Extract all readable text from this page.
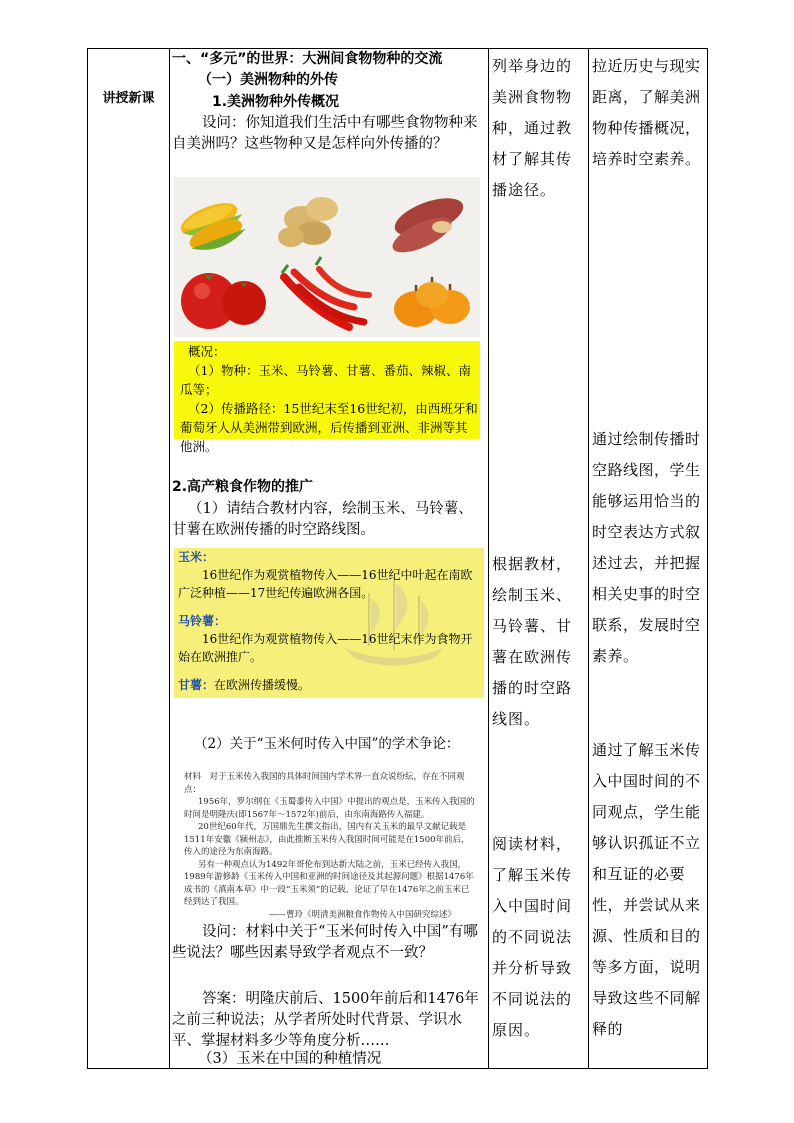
讲授新课
一、“多元”的世界：大洲间食物物种的交流
（一）美洲物种的外传
1.美洲物种外传概况
设问：你知道我们生活中有哪些食物物种来自美洲吗？这些物种又是怎样向外传播的？
概况：
（1）物种：玉米、马铃薯、甘薯、番茄、辣椒、南瓜等；
（2）传播路径：15世纪末至16世纪初，由西班牙和葡萄牙人从美洲带到欧洲，后传播到亚洲、非洲等其他洲。
2.高产粮食作物的推广
（1）请结合教材内容，绘制玉米、马铃薯、甘薯在欧洲传播的时空路线图。
玉米：
16世纪作为观赏植物传入——16世纪中叶起在南欧广泛种植——17世纪传遍欧洲各国。
马铃薯：
16世纪作为观赏植物传入——16世纪末作为食物开始在欧洲推广。
甘薯：在欧洲传播缓慢。
（2）关于“玉米何时传入中国”的学术争论：

材料　对于玉米传入我国的具体时间国内学术界一直众说纷纭，存在不同观点：

1956年，罗尔纲在《玉蜀黍传入中国》中提出的观点是，玉米传入我国的时间是明隆庆(即1567年～1572年)前后，由东南海路传入福建。

20世纪60年代，万国鼎先生撰文指出，国内有关玉米的最早文献记载是1511年安徽《颍州志》，由此推断玉米传入我国时间可能是在1500年前后，传入的途径为东南海路。

另有一种观点认为1492年哥伦布到达新大陆之前，玉米已经传入我国，1989年游修龄《玉米传入中国和亚洲的时间途径及其起源问题》根据1476年成书的《滇南本草》中一段“玉米须”的记载，论证了早在1476年之前玉米已经到达了我国。

——曹玲《明清美洲粮食作物传入中国研究综述》

设问：材料中关于“玉米何时传入中国”有哪些说法？哪些因素导致学者观点不一致？
答案：明隆庆前后、1500年前后和1476年之前三种说法；从学者所处时代背景、学识水平、掌握材料多少等角度分析……
（3）玉米在中国的种植情况
列举身边的美洲食物物种，通过教材了解其传播途径。
根据教材，绘制玉米、马铃薯、甘薯在欧洲传播的时空路线图。
阅读材料，了解玉米传入中国时间的不同说法并分析导致不同说法的原因。
拉近历史与现实距离，了解美洲物种传播概况，培养时空素养。
通过绘制传播时空路线图，学生能够运用恰当的时空表达方式叙述过去，并把握相关史事的时空联系，发展时空素养。
通过了解玉米传入中国时间的不同观点，学生能够认识孤证不立和互证的必要性，并尝试从来源、性质和目的等多方面，说明导致这些不同解释的
